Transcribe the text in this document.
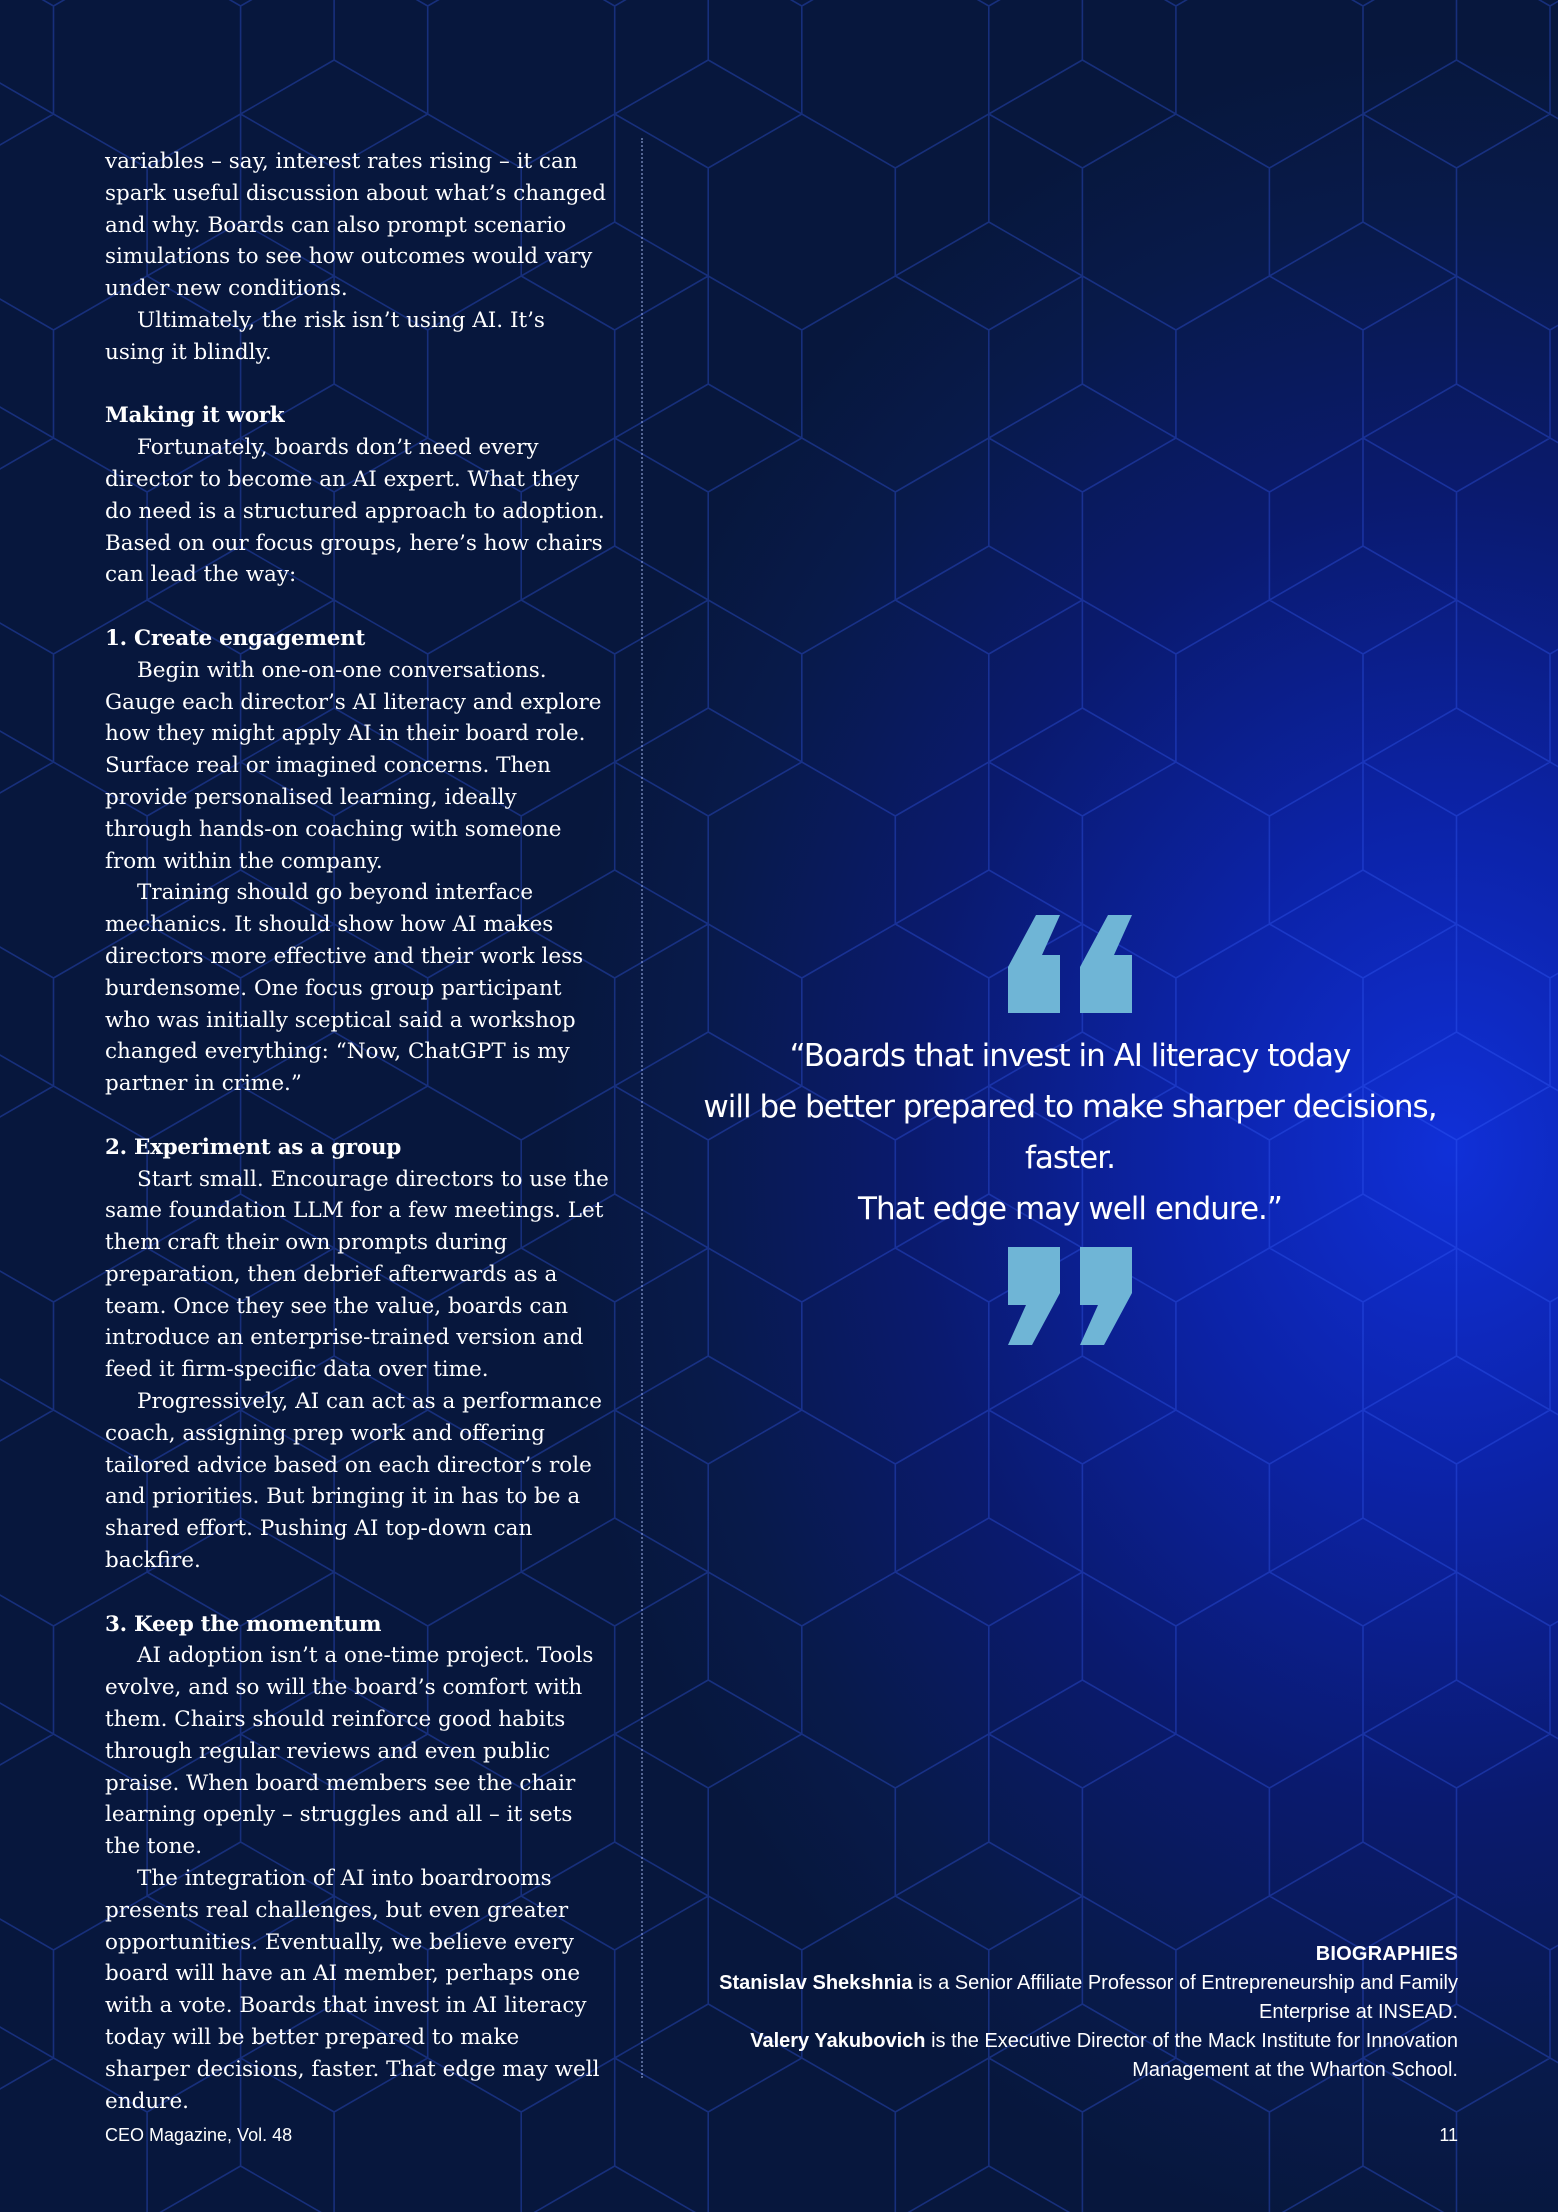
variables – say, interest rates rising – it can spark useful discussion about what’s changed and why. Boards can also prompt scenario simulations to see how outcomes would vary under new conditions.

Ultimately, the risk isn’t using AI. It’s using it blindly.

Making it work

Fortunately, boards don’t need every director to become an AI expert. What they do need is a structured approach to adoption. Based on our focus groups, here’s how chairs can lead the way:

1. Create engagement

Begin with one-on-one conversations. Gauge each director’s AI literacy and explore how they might apply AI in their board role. Surface real or imagined concerns. Then provide personalised learning, ideally through hands-on coaching with someone from within the company.

Training should go beyond interface mechanics. It should show how AI makes directors more effective and their work less burdensome. One focus group participant who was initially sceptical said a workshop changed everything: “Now, ChatGPT is my partner in crime.”

2. Experiment as a group

Start small. Encourage directors to use the same foundation LLM for a few meetings. Let them craft their own prompts during preparation, then debrief afterwards as a team. Once they see the value, boards can introduce an enterprise-trained version and feed it firm-specific data over time.

Progressively, AI can act as a performance coach, assigning prep work and offering tailored advice based on each director’s role and priorities. But bringing it in has to be a shared effort. Pushing AI top-down can backfire.

3. Keep the momentum

AI adoption isn’t a one-time project. Tools evolve, and so will the board’s comfort with them. Chairs should reinforce good habits through regular reviews and even public praise. When board members see the chair learning openly – struggles and all – it sets the tone.

The integration of AI into boardrooms presents real challenges, but even greater opportunities. Eventually, we believe every board will have an AI member, perhaps one with a vote. Boards that invest in AI literacy today will be better prepared to make sharper decisions, faster. That edge may well endure.

“Boards that invest in AI literacy today
will be better prepared to make sharper decisions, faster.
That edge may well endure.”
BIOGRAPHIES
Stanislav Shekshnia is a Senior Affiliate Professor of Entrepreneurship and Family Enterprise at INSEAD.
Valery Yakubovich is the Executive Director of the Mack Institute for Innovation Management at the Wharton School.
CEO Magazine, Vol. 48	11
